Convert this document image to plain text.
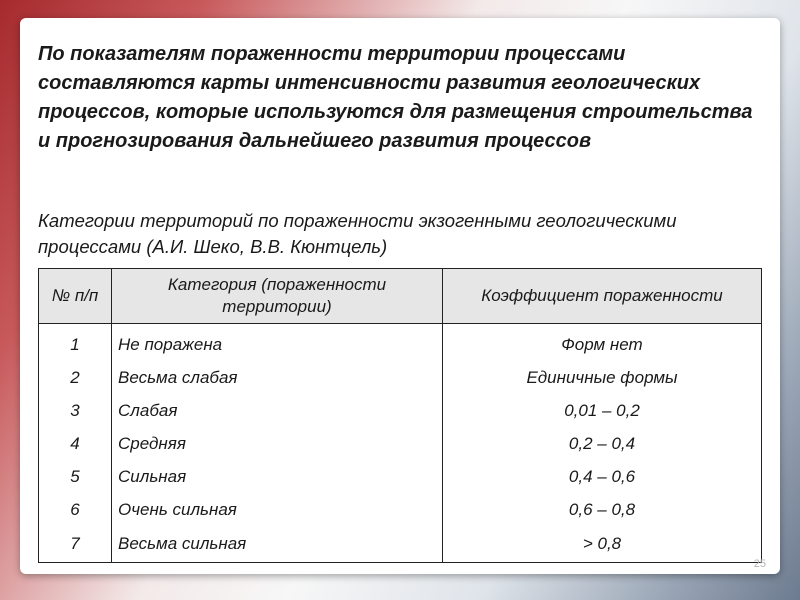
По показателям пораженности территории процессами составляются карты интенсивности развития геологических процессов, которые используются для размещения строительства и прогнозирования дальнейшего развития процессов

Категории территорий по пораженности экзогенными геологическими процессами (А.И. Шеко, В.В. Кюнтцель)

№ п/п	Категория (пораженности территории)	Коэффициент пораженности
1	Не поражена	Форм нет
2	Весьма слабая	Единичные формы
3	Слабая	0,01 – 0,2
4	Средняя	0,2 – 0,4
5	Сильная	0,4 – 0,6
6	Очень сильная	0,6 – 0,8
7	Весьма сильная	> 0,8
25
